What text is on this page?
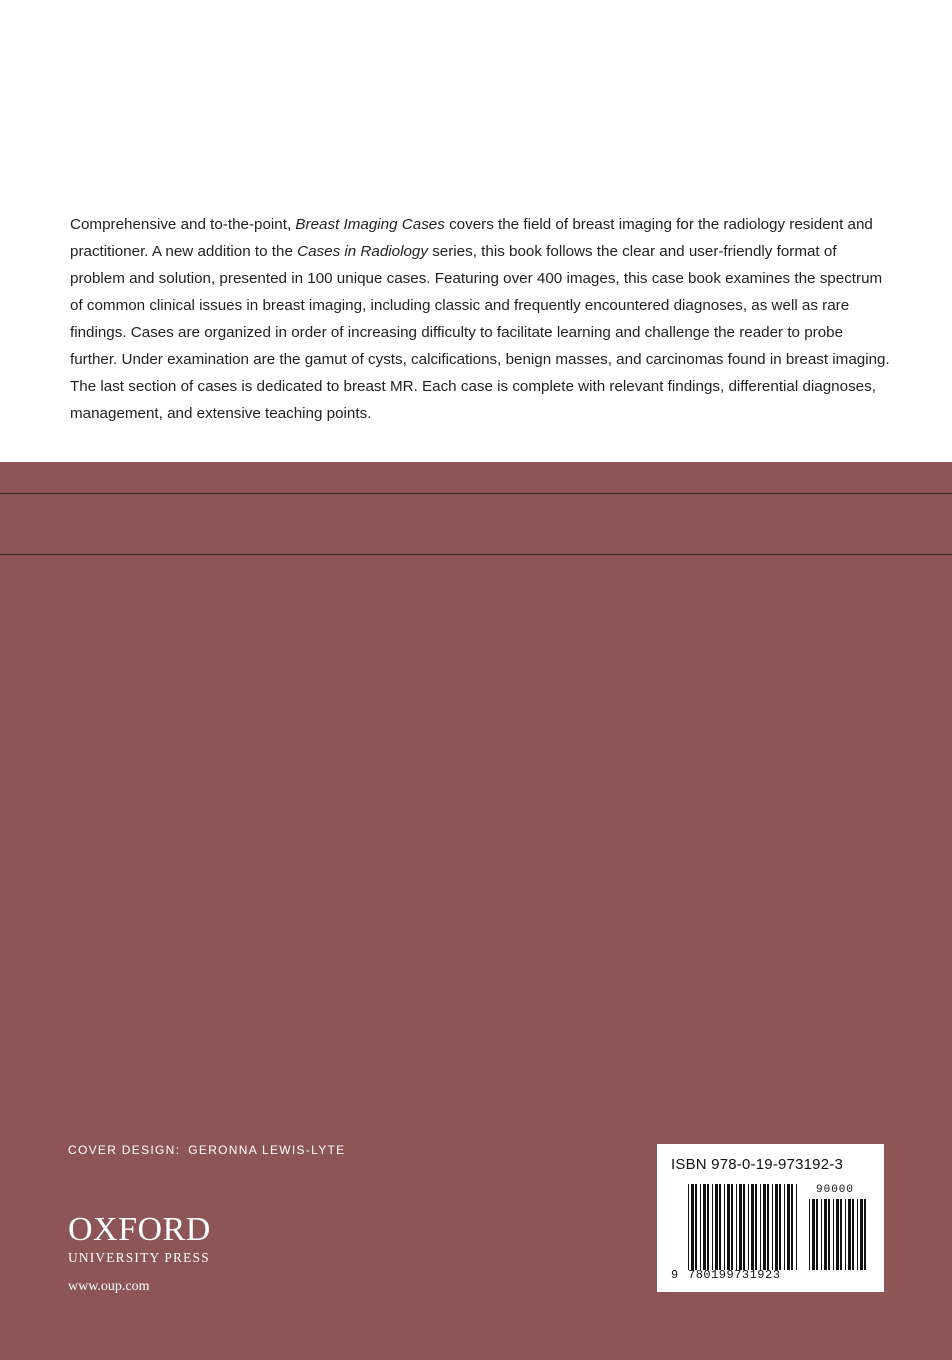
Comprehensive and to-the-point, Breast Imaging Cases covers the field of breast imaging for the radiology resident and practitioner. A new addition to the Cases in Radiology series, this book follows the clear and user-friendly format of problem and solution, presented in 100 unique cases. Featuring over 400 images, this case book examines the spectrum of common clinical issues in breast imaging, including classic and frequently encountered diagnoses, as well as rare findings. Cases are organized in order of increasing difficulty to facilitate learning and challenge the reader to probe further. Under examination are the gamut of cysts, calcifications, benign masses, and carcinomas found in breast imaging. The last section of cases is dedicated to breast MR. Each case is complete with relevant findings, differential diagnoses, management, and extensive teaching points.

COVER DESIGN: GERONNA LEWIS-LYTE
OXFORD
UNIVERSITY PRESS
www.oup.com
ISBN 978-0-19-973192-3
90000
9 780199731923
